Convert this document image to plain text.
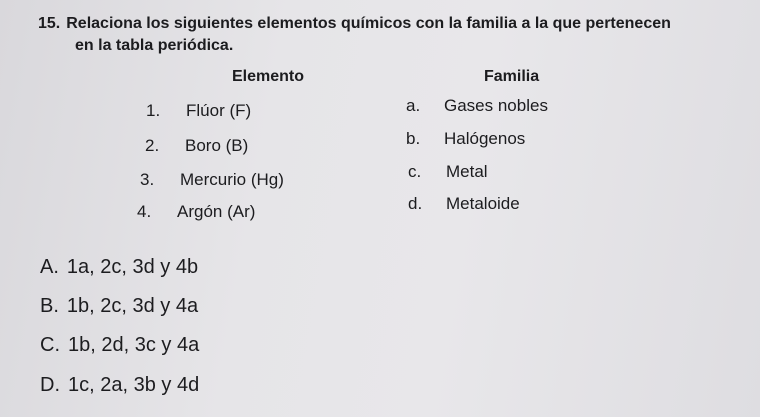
15. Relaciona los siguientes elementos químicos con la familia a la que pertenecen
en la tabla periódica.
Elemento	Familia
1. Flúor (F)
2. Boro (B)
3. Mercurio (Hg)
4. Argón (Ar)
a. Gases nobles
b. Halógenos
c. Metal
d. Metaloide
A. 1a, 2c, 3d y 4b
B. 1b, 2c, 3d y 4a
C. 1b, 2d, 3c y 4a
D. 1c, 2a, 3b y 4d
